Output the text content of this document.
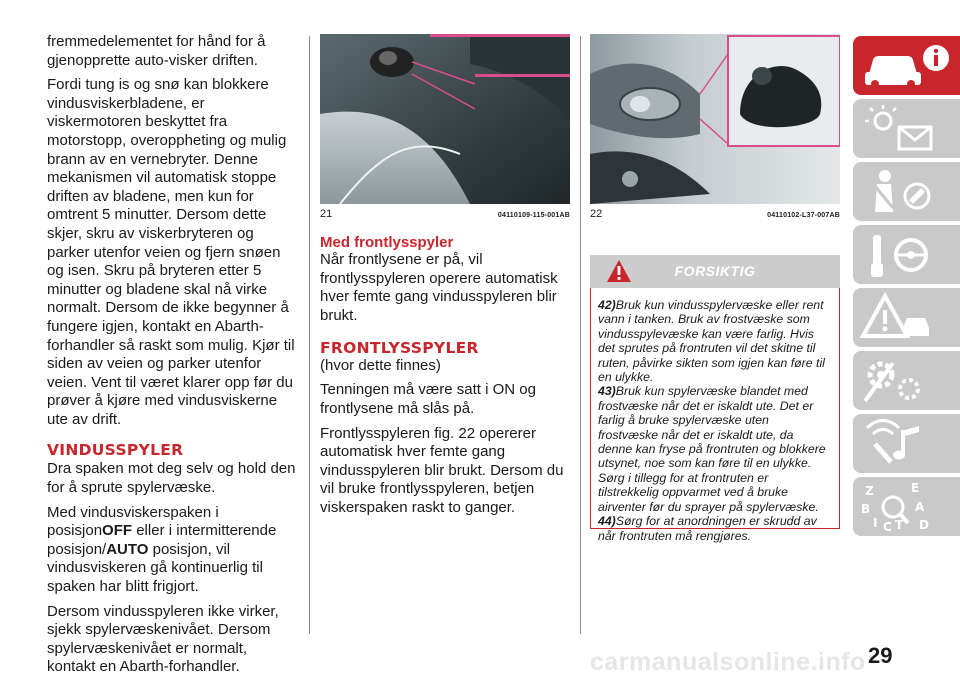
fremmedelementet for hånd for å gjenopprette auto-visker driften.

Fordi tung is og snø kan blokkere vindusviskerbladene, er viskermotoren beskyttet fra motorstopp, overoppheting og mulig brann av en vernebryter. Denne mekanismen vil automatisk stoppe driften av bladene, men kun for omtrent 5 minutter. Dersom dette skjer, skru av viskerbryteren og parker utenfor veien og fjern snøen og isen. Skru på bryteren etter 5 minutter og bladene skal nå virke normalt. Dersom de ikke begynner å fungere igjen, kontakt en Abarth-forhandler så raskt som mulig. Kjør til siden av veien og parker utenfor veien. Vent til været klarer opp før du prøver å kjøre med vindusviskerne ute av drift.

VINDUSSPYLER

Dra spaken mot deg selv og hold den for å sprute spylervæske.

Med vindusviskerspaken i posisjonOFF eller i intermitterende posisjon/AUTO posisjon, vil vindusviskeren gå kontinuerlig til spaken har blitt frigjort.

Dersom vindusspyleren ikke virker, sjekk spylervæskenivået. Dersom spylervæskenivået er normalt, kontakt en Abarth-forhandler.

21	04110109-115-001AB
Med frontlysspyler

Når frontlysene er på, vil frontlysspyleren operere automatisk hver femte gang vindusspyleren blir brukt.

FRONTLYSSPYLER

(hvor dette finnes)

Tenningen må være satt i ON og frontlysene må slås på.

Frontlysspyleren fig. 22 opererer automatisk hver femte gang vindusspyleren blir brukt. Dersom du vil bruke frontlysspyleren, betjen viskerspaken raskt to ganger.

22	04110102-L37-007AB
FORSIKTIG
42)Bruk kun vindusspylervæske eller rent vann i tanken. Bruk av frostvæske som vindusspylevæske kan være farlig. Hvis det sprutes på frontruten vil det skitne til ruten, påvirke sikten som igjen kan føre til en ulykke.
43)Bruk kun spylervæske blandet med frostvæske når det er iskaldt ute. Det er farlig å bruke spylervæske uten frostvæske når det er iskaldt ute, da denne kan fryse på frontruten og blokkere utsynet, noe som kan føre til en ulykke. Sørg i tillegg for at frontruten er tilstrekkelig oppvarmet ved å bruke airventer før du sprayer på spylervæske.
44)Sørg for at anordningen er skrudd av når frontruten må rengjøres.
Z	E
B	A
I C T D
29
carmanualsonline.info
